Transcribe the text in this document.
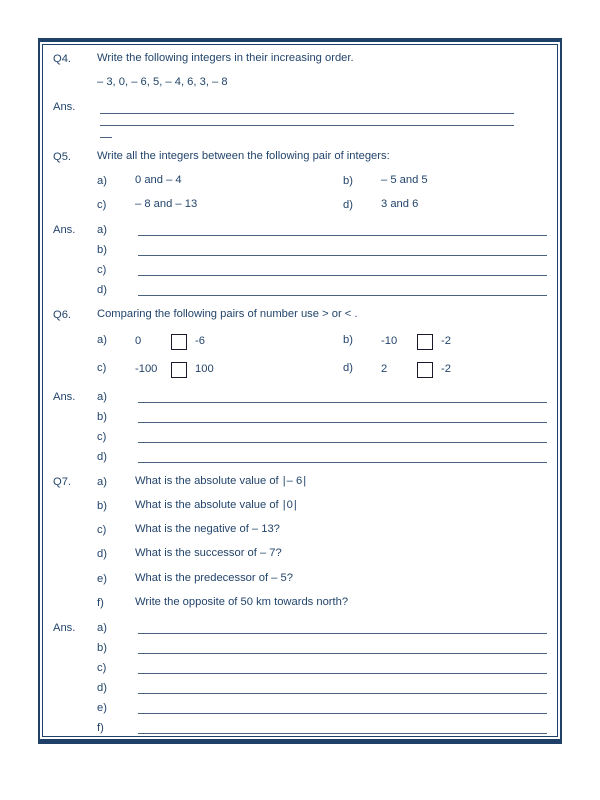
Q4.	Write the following integers in their increasing order.
– 3, 0, – 6, 5, – 4, 6, 3, – 8
Ans.
Q5.	Write all the integers between the following pair of integers:
a)	0 and – 4	b)	– 5 and 5
c)	– 8 and – 13	d)	3 and 6
Ans.	a)
b)
c)
d)
Q6.	Comparing the following pairs of number use > or < .
a)	0	-6	b)	-10	-2
c)	-100	100	d)	2	-2
Ans.	a)
b)
c)
d)
Q7.	a)	What is the absolute value of |– 6|
b)	What is the absolute value of |0|
c)	What is the negative of – 13?
d)	What is the successor of – 7?
e)	What is the predecessor of – 5?
f)	Write the opposite of 50 km towards north?
Ans.	a)
b)
c)
d)
e)
f)
